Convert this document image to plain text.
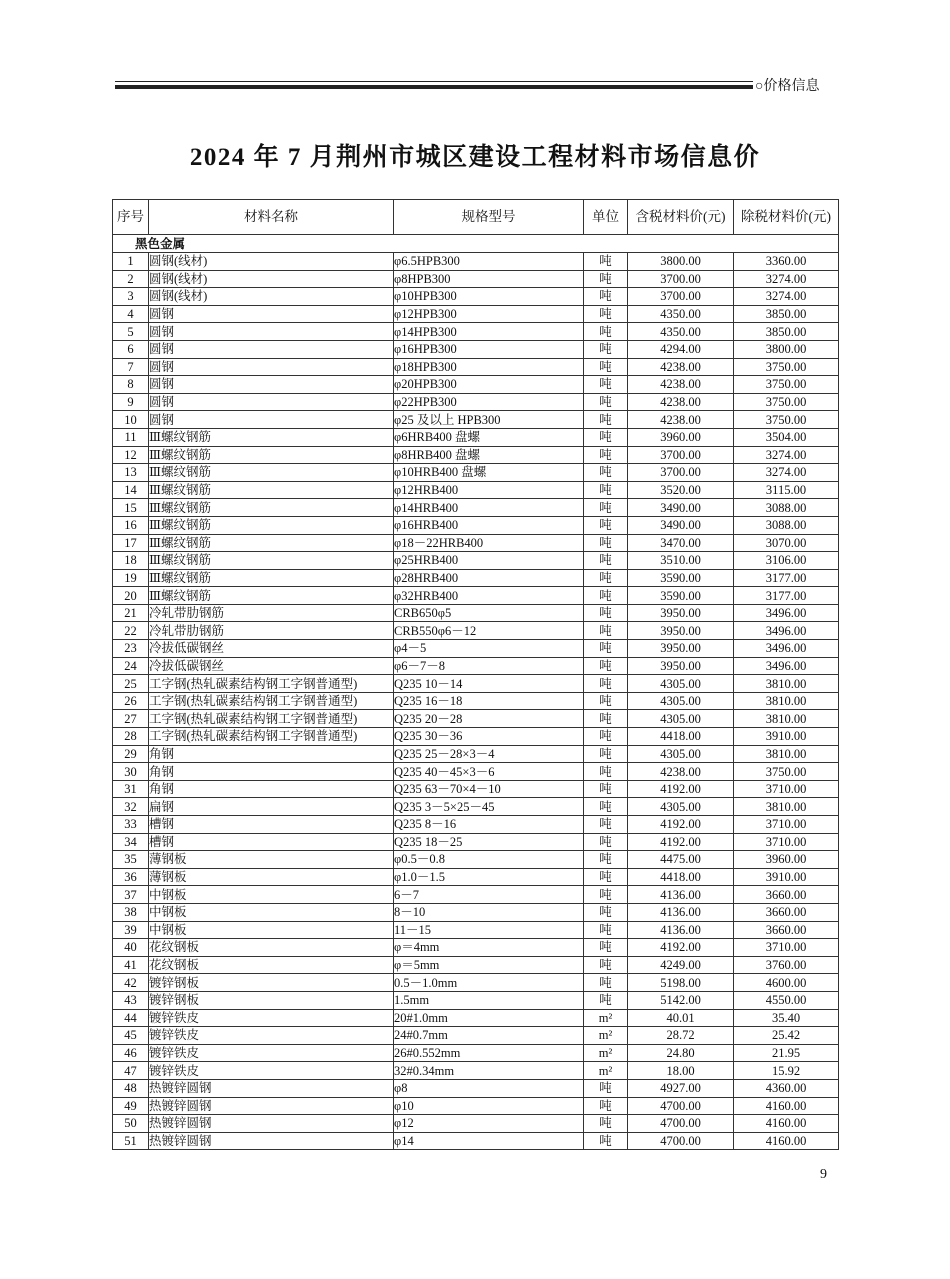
○价格信息
2024 年 7 月荆州市城区建设工程材料市场信息价
序号	材料名称	规格型号	单位	含税材料价(元)	除税材料价(元)
黑色金属					
1	圆钢(线材)	φ6.5HPB300	吨	3800.00	3360.00
2	圆钢(线材)	φ8HPB300	吨	3700.00	3274.00
3	圆钢(线材)	φ10HPB300	吨	3700.00	3274.00
4	圆钢	φ12HPB300	吨	4350.00	3850.00
5	圆钢	φ14HPB300	吨	4350.00	3850.00
6	圆钢	φ16HPB300	吨	4294.00	3800.00
7	圆钢	φ18HPB300	吨	4238.00	3750.00
8	圆钢	φ20HPB300	吨	4238.00	3750.00
9	圆钢	φ22HPB300	吨	4238.00	3750.00
10	圆钢	φ25 及以上 HPB300	吨	4238.00	3750.00
11	Ⅲ螺纹钢筋	φ6HRB400 盘螺	吨	3960.00	3504.00
12	Ⅲ螺纹钢筋	φ8HRB400 盘螺	吨	3700.00	3274.00
13	Ⅲ螺纹钢筋	φ10HRB400 盘螺	吨	3700.00	3274.00
14	Ⅲ螺纹钢筋	φ12HRB400	吨	3520.00	3115.00
15	Ⅲ螺纹钢筋	φ14HRB400	吨	3490.00	3088.00
16	Ⅲ螺纹钢筋	φ16HRB400	吨	3490.00	3088.00
17	Ⅲ螺纹钢筋	φ18－22HRB400	吨	3470.00	3070.00
18	Ⅲ螺纹钢筋	φ25HRB400	吨	3510.00	3106.00
19	Ⅲ螺纹钢筋	φ28HRB400	吨	3590.00	3177.00
20	Ⅲ螺纹钢筋	φ32HRB400	吨	3590.00	3177.00
21	冷轧带肋钢筋	CRB650φ5	吨	3950.00	3496.00
22	冷轧带肋钢筋	CRB550φ6－12	吨	3950.00	3496.00
23	冷拔低碳钢丝	φ4－5	吨	3950.00	3496.00
24	冷拔低碳钢丝	φ6－7－8	吨	3950.00	3496.00
25	工字钢(热轧碳素结构钢工字钢普通型)	Q235 10－14	吨	4305.00	3810.00
26	工字钢(热轧碳素结构钢工字钢普通型)	Q235 16－18	吨	4305.00	3810.00
27	工字钢(热轧碳素结构钢工字钢普通型)	Q235 20－28	吨	4305.00	3810.00
28	工字钢(热轧碳素结构钢工字钢普通型)	Q235 30－36	吨	4418.00	3910.00
29	角钢	Q235 25－28×3－4	吨	4305.00	3810.00
30	角钢	Q235 40－45×3－6	吨	4238.00	3750.00
31	角钢	Q235 63－70×4－10	吨	4192.00	3710.00
32	扁钢	Q235 3－5×25－45	吨	4305.00	3810.00
33	槽钢	Q235 8－16	吨	4192.00	3710.00
34	槽钢	Q235 18－25	吨	4192.00	3710.00
35	薄钢板	φ0.5－0.8	吨	4475.00	3960.00
36	薄钢板	φ1.0－1.5	吨	4418.00	3910.00
37	中钢板	6－7	吨	4136.00	3660.00
38	中钢板	8－10	吨	4136.00	3660.00
39	中钢板	11－15	吨	4136.00	3660.00
40	花纹钢板	φ＝4mm	吨	4192.00	3710.00
41	花纹钢板	φ＝5mm	吨	4249.00	3760.00
42	镀锌钢板	0.5－1.0mm	吨	5198.00	4600.00
43	镀锌钢板	1.5mm	吨	5142.00	4550.00
44	镀锌铁皮	20#1.0mm	m²	40.01	35.40
45	镀锌铁皮	24#0.7mm	m²	28.72	25.42
46	镀锌铁皮	26#0.552mm	m²	24.80	21.95
47	镀锌铁皮	32#0.34mm	m²	18.00	15.92
48	热镀锌圆钢	φ8	吨	4927.00	4360.00
49	热镀锌圆钢	φ10	吨	4700.00	4160.00
50	热镀锌圆钢	φ12	吨	4700.00	4160.00
51	热镀锌圆钢	φ14	吨	4700.00	4160.00
9
